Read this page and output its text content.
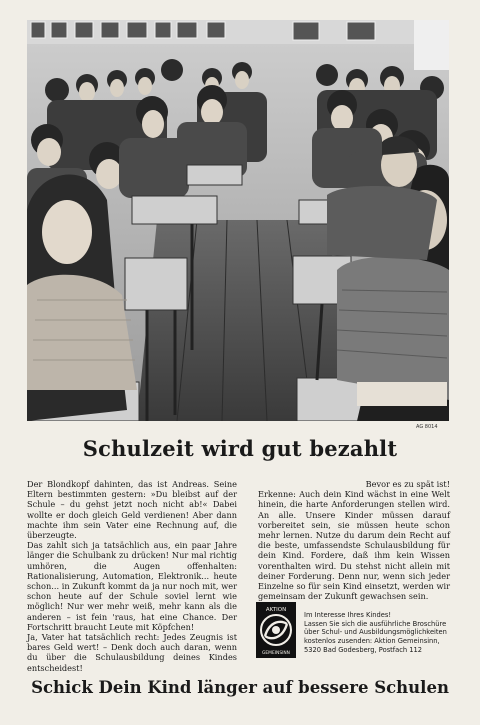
AG 8014
Schulzeit wird gut bezahlt

Der Blondkopf dahinten, das ist Andreas. Seine Eltern bestimmten gestern: »Du bleibst auf der Schule – du gehst jetzt noch nicht ab!« Dabei wollte er doch gleich Geld verdienen! Aber dann machte ihm sein Vater eine Rechnung auf, die überzeugte.

Das zahlt sich ja tatsächlich aus, ein paar Jahre länger die Schulbank zu drücken! Nur mal richtig umhören, die Augen offenhalten: Rationalisierung, Automation, Elektronik... heute schon... in Zukunft kommt da ja nur noch mit, wer schon heute auf der Schule soviel lernt wie möglich! Nur wer mehr weiß, mehr kann als die anderen – ist fein 'raus, hat eine Chance. Der Fortschritt braucht Leute mit Köpfchen!

Ja, Vater hat tatsächlich recht: Jedes Zeugnis ist bares Geld wert! – Denk doch auch daran, wenn du über die Schulausbildung deines Kindes entscheidest!

Bevor es zu spät ist!

Erkenne: Auch dein Kind wächst in eine Welt hinein, die harte Anforderungen stellen wird. An alle. Unsere Kinder müssen darauf vorbereitet sein, sie müssen heute schon mehr lernen. Nutze du darum dein Recht auf die beste, umfassendste Schulausbildung für dein Kind. Fordere, daß ihm kein Wissen vorenthalten wird. Du stehst nicht allein mit deiner Forderung. Denn nur, wenn sich jeder Einzelne so für sein Kind einsetzt, werden wir gemeinsam der Zukunft gewachsen sein.

AKTION
GEMEINSINN
Im Interesse Ihres Kindes!
Lassen Sie sich die ausführliche Broschüre
über Schul- und Ausbildungsmöglichkeiten
kostenlos zusenden: Aktion Gemeinsinn,
5320 Bad Godesberg, Postfach 112
Schick Dein Kind länger auf bessere Schulen
